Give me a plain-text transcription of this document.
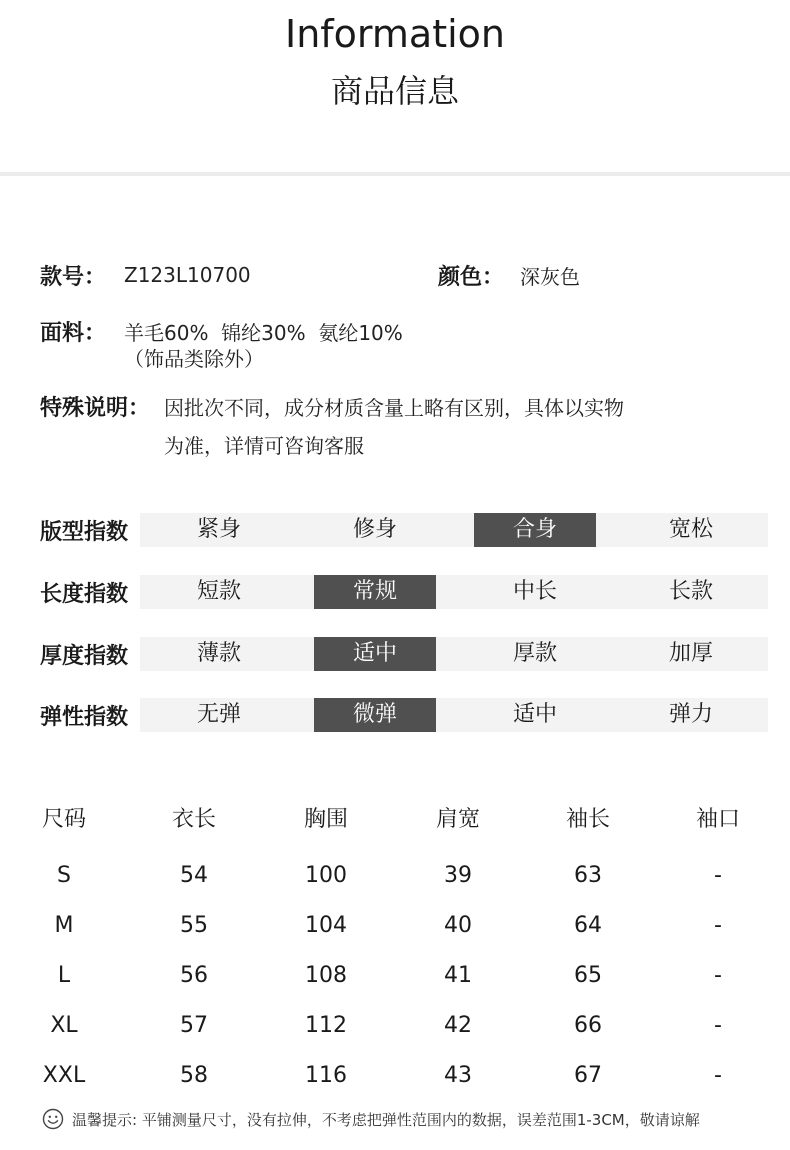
Information
商品信息
款号： Z123L10700	颜色： 深灰色
面料： 羊毛60%  锦纶30%  氨纶10%
（饰品类除外）
特殊说明： 因批次不同，成分材质含量上略有区别，具体以实物
为准，详情可咨询客服
版型指数	紧身	修身	合身	宽松
长度指数	短款	常规	中长	长款
厚度指数	薄款	适中	厚款	加厚
弹性指数	无弹	微弹	适中	弹力
尺码	衣长	胸围	肩宽	袖长	袖口
S	54	100	39	63	-
M	55	104	40	64	-
L	56	108	41	65	-
XL	57	112	42	66	-
XXL	58	116	43	67	-
温馨提示: 平铺测量尺寸，没有拉伸，不考虑把弹性范围内的数据，误差范围1-3CM，敬请谅解
